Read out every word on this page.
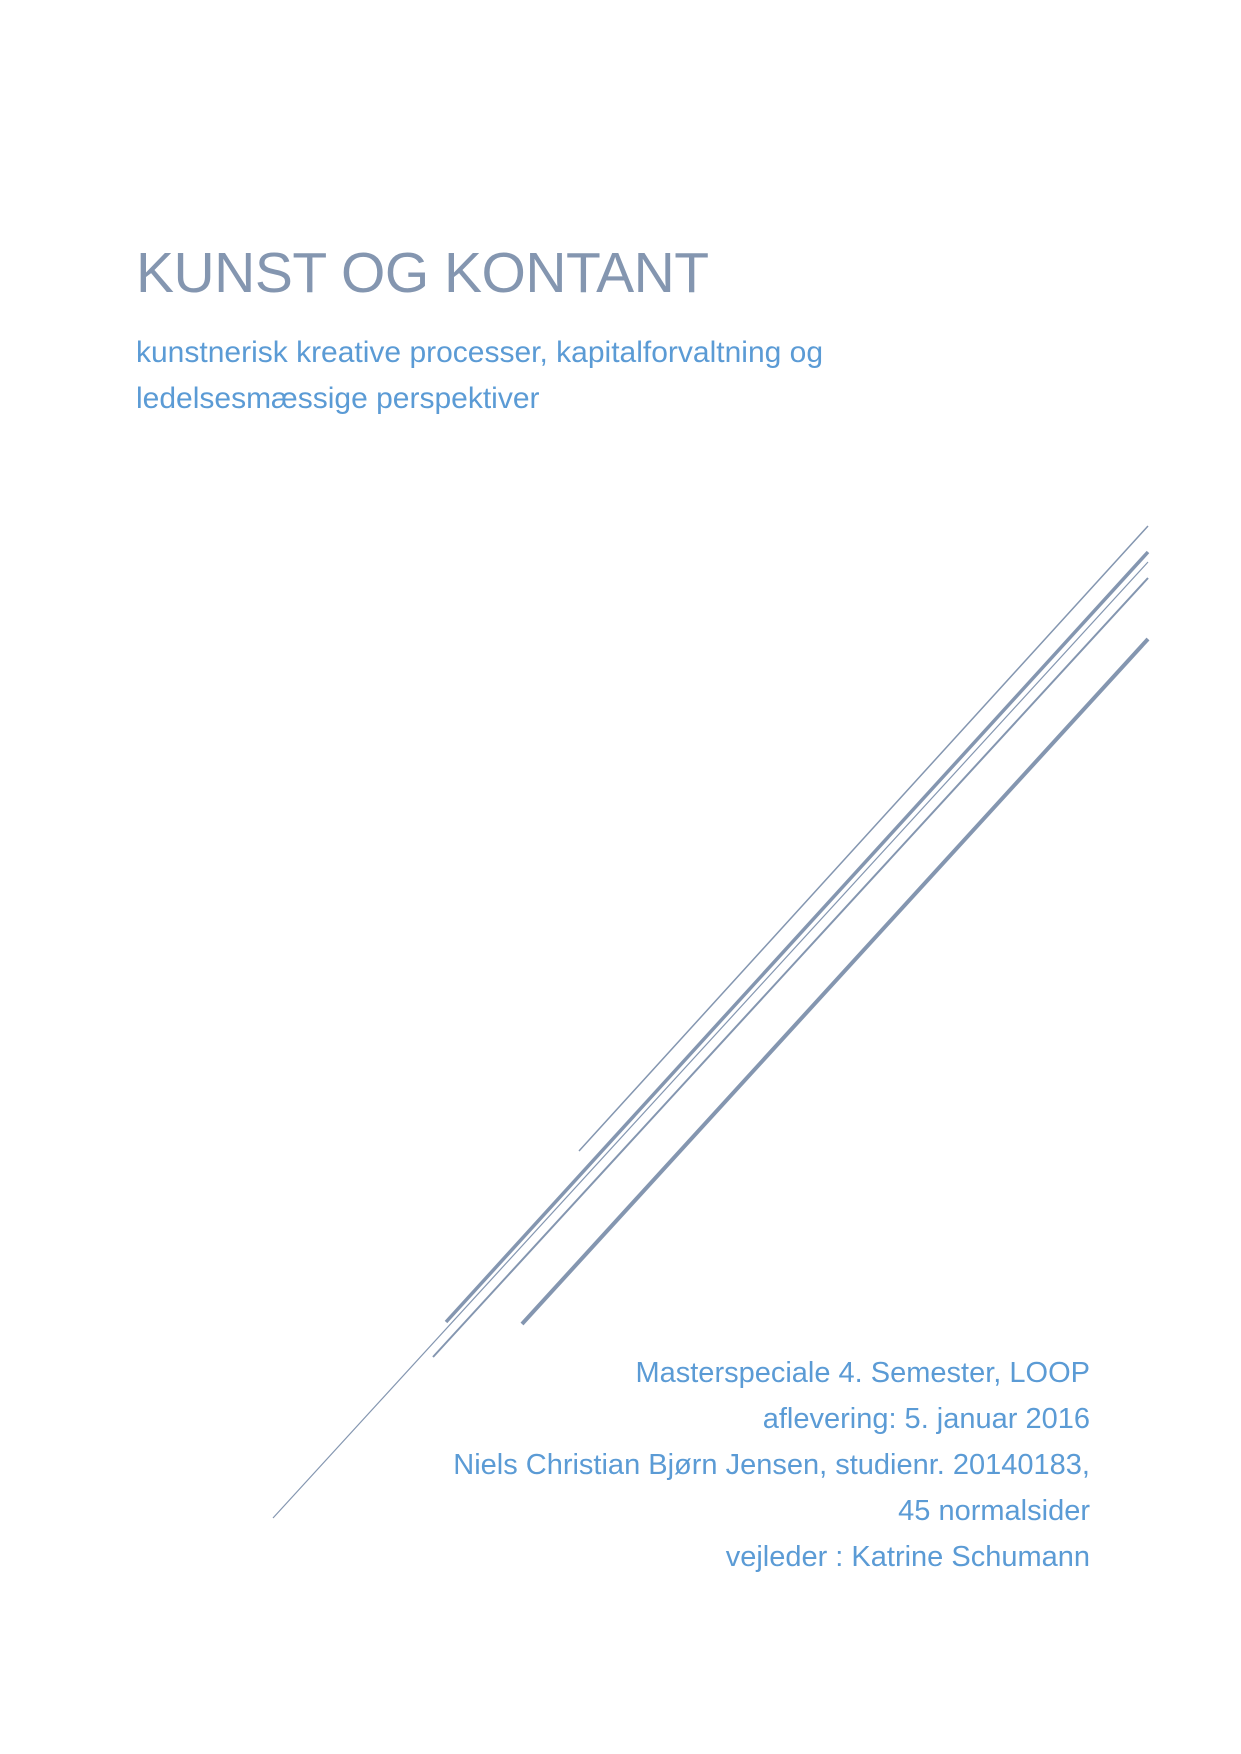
KUNST OG KONTANT
kunstnerisk kreative processer, kapitalforvaltning og
ledelsesmæssige perspektiver
Masterspeciale 4. Semester, LOOP
aflevering: 5. januar 2016
Niels Christian Bjørn Jensen, studienr. 20140183,
45 normalsider
vejleder : Katrine Schumann
